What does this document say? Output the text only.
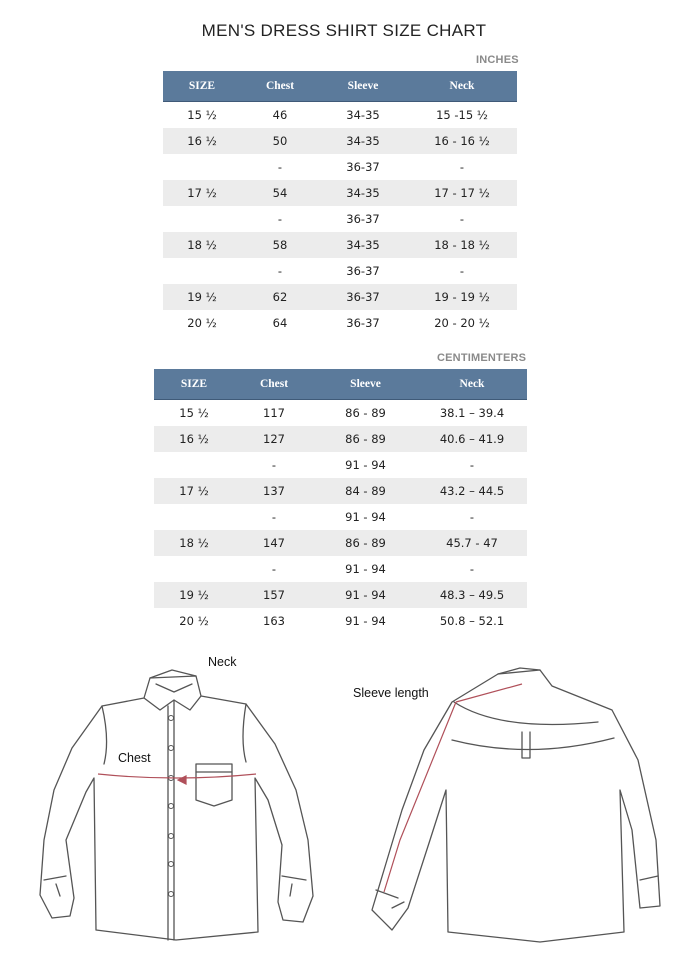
MEN'S DRESS SHIRT SIZE CHART
INCHES
SIZE	Chest	Sleeve	Neck
15 ½	46	34-35	15 -15 ½
16 ½	50	34-35	16 - 16 ½
	-	36-37	-
17 ½	54	34-35	17 - 17 ½
	-	36-37	-
18 ½	58	34-35	18 - 18 ½
	-	36-37	-
19 ½	62	36-37	19 - 19 ½
20 ½	64	36-37	20 - 20 ½
CENTIMENTERS
SIZE	Chest	Sleeve	Neck
15 ½	117	86 - 89	38.1 – 39.4
16 ½	127	86 - 89	40.6 – 41.9
	-	91 - 94	-
17 ½	137	84 - 89	43.2 – 44.5
	-	91 - 94	-
18 ½	147	86 - 89	45.7 - 47
	-	91 - 94	-
19 ½	157	91 - 94	48.3 – 49.5
20 ½	163	91 - 94	50.8 – 52.1
Neck
Chest
Sleeve length
